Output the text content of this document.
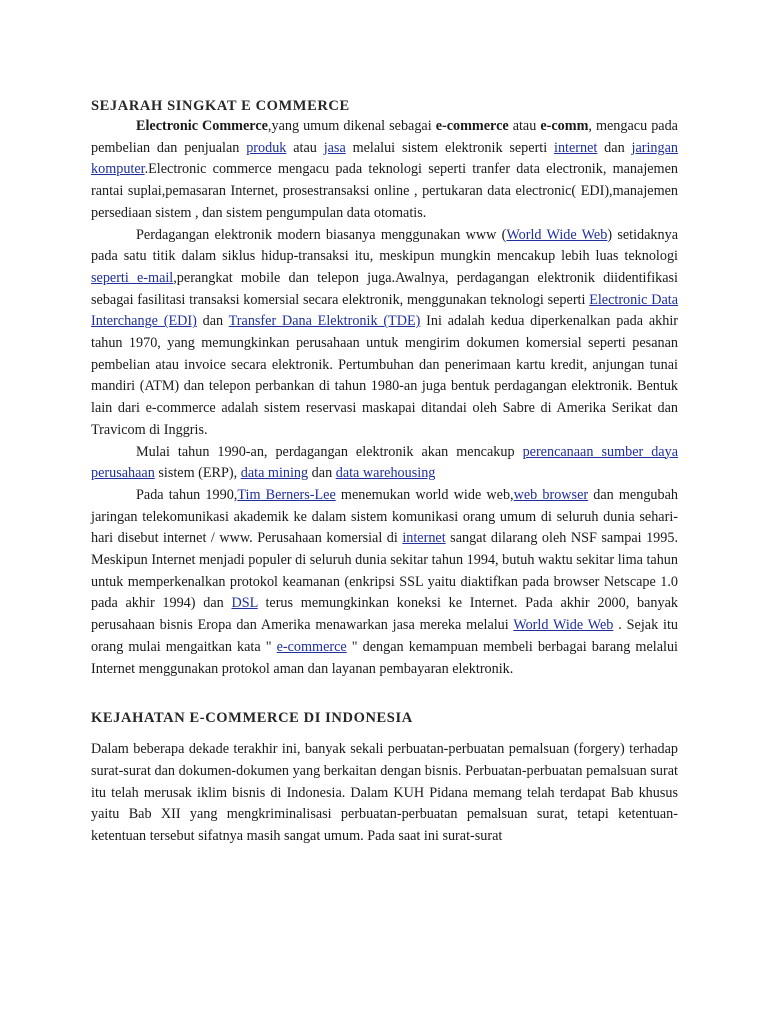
SEJARAH SINGKAT E COMMERCE

Electronic Commerce,yang umum dikenal sebagai e-commerce atau e-comm, mengacu pada pembelian dan penjualan produk atau jasa melalui sistem elektronik seperti internet dan jaringan komputer.Electronic commerce mengacu pada teknologi seperti tranfer data electronik, manajemen rantai suplai,pemasaran Internet, prosestransaksi online , pertukaran data electronic( EDI),manajemen persediaan sistem , dan sistem pengumpulan data otomatis.

Perdagangan elektronik modern biasanya menggunakan www (World Wide Web) setidaknya pada satu titik dalam siklus hidup-transaksi itu, meskipun mungkin mencakup lebih luas teknologi seperti e-mail,perangkat mobile dan telepon juga.Awalnya, perdagangan elektronik diidentifikasi sebagai fasilitasi transaksi komersial secara elektronik, menggunakan teknologi seperti Electronic Data Interchange (EDI) dan Transfer Dana Elektronik (TDE) Ini adalah kedua diperkenalkan pada akhir tahun 1970, yang memungkinkan perusahaan untuk mengirim dokumen komersial seperti pesanan pembelian atau invoice secara elektronik. Pertumbuhan dan penerimaan kartu kredit, anjungan tunai mandiri (ATM) dan telepon perbankan di tahun 1980-an juga bentuk perdagangan elektronik. Bentuk lain dari e-commerce adalah sistem reservasi maskapai ditandai oleh Sabre di Amerika Serikat dan Travicom di Inggris.

Mulai tahun 1990-an, perdagangan elektronik akan mencakup perencanaan sumber daya perusahaan sistem (ERP), data mining dan data warehousing

Pada tahun 1990,Tim Berners-Lee menemukan world wide web,web browser dan mengubah jaringan telekomunikasi akademik ke dalam sistem komunikasi orang umum di seluruh dunia sehari-hari disebut internet / www. Perusahaan komersial di internet sangat dilarang oleh NSF sampai 1995. Meskipun Internet menjadi populer di seluruh dunia sekitar tahun 1994, butuh waktu sekitar lima tahun untuk memperkenalkan protokol keamanan (enkripsi SSL yaitu diaktifkan pada browser Netscape 1.0 pada akhir 1994) dan DSL terus memungkinkan koneksi ke Internet. Pada akhir 2000, banyak perusahaan bisnis Eropa dan Amerika menawarkan jasa mereka melalui World Wide Web . Sejak itu orang mulai mengaitkan kata " e-commerce " dengan kemampuan membeli berbagai barang melalui Internet menggunakan protokol aman dan layanan pembayaran elektronik.

KEJAHATAN E-COMMERCE DI INDONESIA

Dalam beberapa dekade terakhir ini, banyak sekali perbuatan-perbuatan pemalsuan (forgery) terhadap surat-surat dan dokumen-dokumen yang berkaitan dengan bisnis. Perbuatan-perbuatan pemalsuan surat itu telah merusak iklim bisnis di Indonesia. Dalam KUH Pidana memang telah terdapat Bab khusus yaitu Bab XII yang mengkriminalisasi perbuatan-perbuatan pemalsuan surat, tetapi ketentuan-ketentuan tersebut sifatnya masih sangat umum. Pada saat ini surat-surat
